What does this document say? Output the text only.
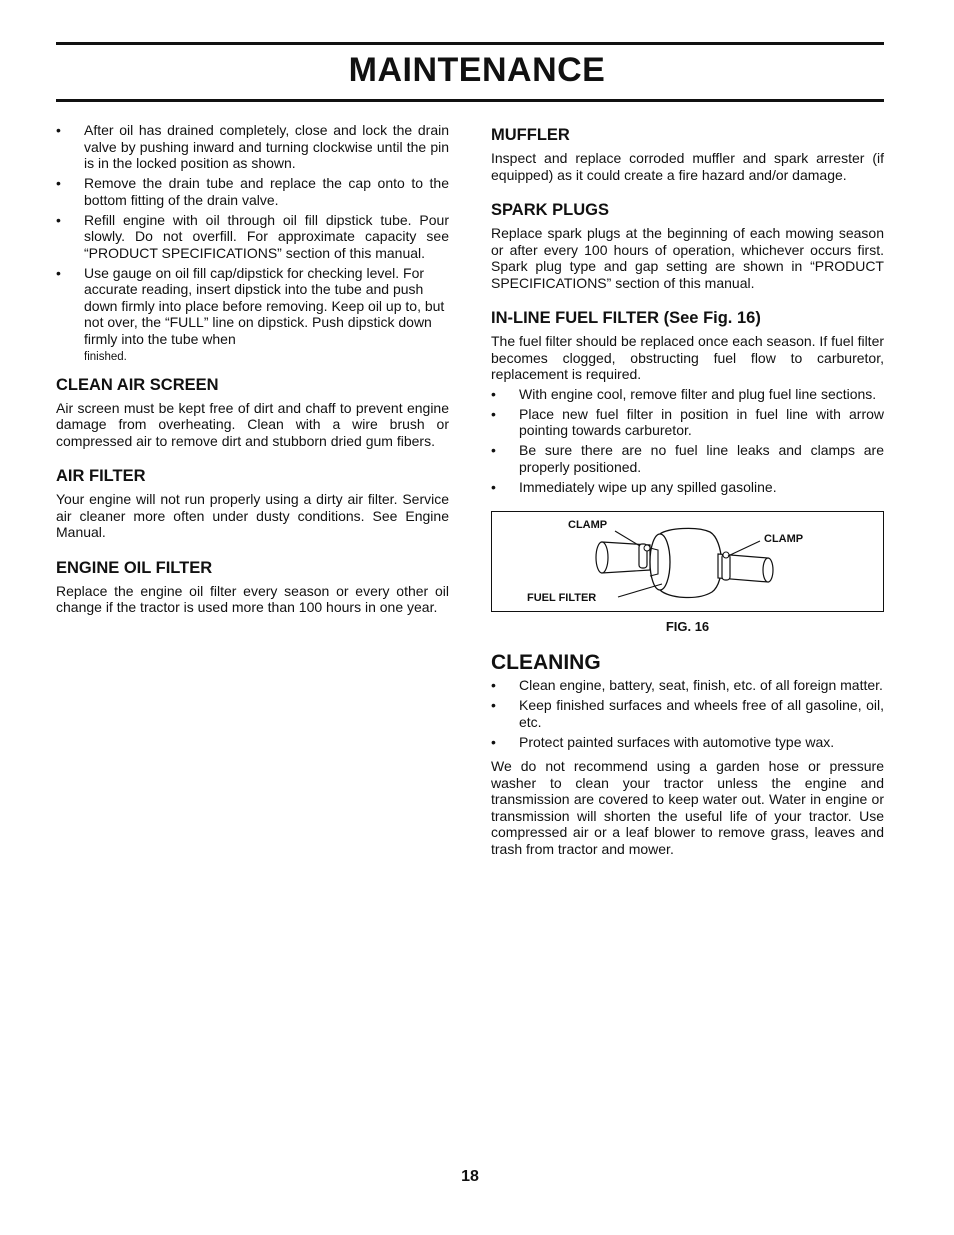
MAINTENANCE
• After oil has drained completely, close and lock the drain valve by pushing inward and turning clockwise until the pin is in the locked position as shown.
• Remove the drain tube and replace the cap onto to the bottom fitting of the drain valve.
• Refill engine with oil through oil fill dipstick tube. Pour slowly. Do not overfill. For approximate capacity see “PRODUCT SPECIFICATIONS” section of this manual.
• Use gauge on oil fill cap/dipstick for checking level. For accurate reading, insert dipstick into the tube and push down firmly into place before removing. Keep oil up to, but not over, the “FULL” line on dipstick. Push dipstick down firmly into the tube when
finished.
CLEAN AIR SCREEN

Air screen must be kept free of dirt and chaff to prevent engine damage from overheating. Clean with a wire brush or compressed air to remove dirt and stubborn dried gum fibers.

AIR FILTER

Your engine will not run properly using a dirty air filter. Service air cleaner more often under dusty conditions. See Engine Manual.

ENGINE OIL FILTER

Replace the engine oil filter every season or every other oil change if the tractor is used more than 100 hours in one year.

MUFFLER

Inspect and replace corroded muffler and spark arrester (if equipped) as it could create a fire hazard and/or damage.

SPARK PLUGS

Replace spark plugs at the beginning of each mowing season or after every 100 hours of operation, whichever occurs first. Spark plug type and gap setting are shown in “PRODUCT SPECIFICATIONS” section of this manual.

IN-LINE FUEL FILTER (See Fig. 16)

The fuel filter should be replaced once each season. If fuel filter becomes clogged, obstructing fuel flow to carburetor, replacement is required.

• With engine cool, remove filter and plug fuel line sections.
• Place new fuel filter in position in fuel line with arrow pointing towards carburetor.
• Be sure there are no fuel line leaks and clamps are properly positioned.
• Immediately wipe up any spilled gasoline.
CLAMP
CLAMP
FUEL FILTER
FIG. 16
CLEANING
• Clean engine, battery, seat, finish, etc. of all foreign matter.
• Keep finished surfaces and wheels free of all gasoline, oil, etc.
• Protect painted surfaces with automotive type wax.

We do not recommend using a garden hose or pressure washer to clean your tractor unless the engine and transmission are covered to keep water out. Water in engine or transmission will shorten the useful life of your tractor. Use compressed air or a leaf blower to remove grass, leaves and trash from tractor and mower.

18
